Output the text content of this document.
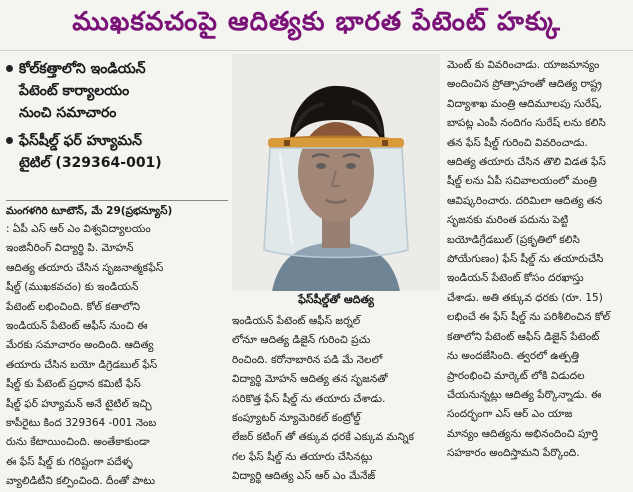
ముఖకవచంపై ఆదిత్యకు భారత పేటెంట్ హక్కు
కోల్‌కత్తాలోని ఇండియన్
పేటెంట్ కార్యాలయం
నుంచి సమాచారం
ఫేస్‌షీల్డ్ ఫర్ హ్యూమన్
టైటిల్ (329364-001)

మంగళగిరి టూటౌన్, మే 29(ప్రభన్యూస్)

: ఏపీ ఎస్ ఆర్ ఎం విశ్వవిద్యాలయం

ఇంజినీరింగ్ విద్యార్థి పి. మోహన్

ఆదిత్య తయారు చేసిన సృజనాత్మకఫేస్

షీల్డ్ (ముఖకవచం) కు ఇండియన్

పేటెంట్ లభించింది. కోల్ కతాలోని

ఇండియన్ పేటెంట్ ఆఫీస్ నుంచి ఈ

మేరకు సమాచారం అందింది. ఆదిత్య

తయారు చేసిన బయో డిగ్రెడబుల్ ఫేస్

షీల్డ్ కు పేటెంట్ ప్రధాన కమిటీ ఫేస్

షీల్డ్ ఫర్ హ్యూమన్ అనే టైటిల్ ఇచ్చి

కాపీరైటు కింద 329364 -001 నెంబ

రును కేటాయించింది. అంతేకాకుండా

ఈ ఫేస్ షీల్డ్ కు గరిష్టంగా పదేళ్ళ

వ్యాలిడిటీని కల్పించింది. దీంతో పాటు

ఫేస్‌షీల్డ్‌తో ఆదిత్య

ఇండియన్ పేటెంట్ ఆఫీస్ జర్నల్

లోనూ ఆదిత్య డిజైన్ గురించి ప్రచు

రించింది. కరోనాబారిన పడి మే నెలలో

విద్యార్థి మోహన్ ఆదిత్య తన సృజనతో

సరికొత్త ఫేస్ షీల్డ్ ను తయారు చేశాడు.

కంప్యూటర్ న్యూమెరికల్ కంట్రోల్డ్

లేజర్ కటింగ్ తో తక్కువ ధరకే ఎక్కువ మన్నిక

గల ఫేస్ షీల్డ్ ను తయారు చేసినట్లు

విద్యార్థి ఆదిత్య ఎస్ ఆర్ ఎం మేనేజ్

మెంట్ కు వివరించాడు. యాజమాన్యం

అందించిన ప్రోత్సాహంతో ఆదిత్య రాష్ట్ర

విద్యాశాఖ మంత్రి ఆదిమూలపు సురేష్,

బాపట్ల ఎంపీ నందిగం సురేష్ లను కలిసి

తన ఫేస్ షీల్డ్ గురించి వివరించాడు.

ఆదిత్య తయారు చేసిన తొలి విడత ఫేస్

షీల్డ్ లను ఏపీ సచివాలయంలో మంత్రి

ఆవిష్కరించారు. దరిమిలా ఆదిత్య తన

సృజనకు మరింత పదును పెట్టి

బయోడిగ్రేడబుల్ (ప్రకృతిలో కలిసి

పోయేగుణం) ఫేస్ షీల్డ్ ను తయారుచేసి

ఇండియన్ పేటెంట్ కోసం దరఖాస్తు

చేశాడు. అతి తక్కువ ధరకు (రూ. 15)

లభించే ఈ ఫేస్ షీల్డ్ ను పరిశీలించిన కోల్

కతాలోని పేటెంట్ ఆఫీస్ డిజైన్ పేటెంట్

ను అందజేసింది. త్వరలో ఉత్పత్తి

ప్రారంభించి మార్కెట్ లోకి విడుదల

చేయనున్నట్లు ఆదిత్య పేర్కొన్నాడు. ఈ

సందర్భంగా ఎస్ ఆర్ ఎం యాజ

మాన్యం ఆదిత్యను అభినందించి పూర్తి

సహకారం అందిస్తామని పేర్కొంది.
